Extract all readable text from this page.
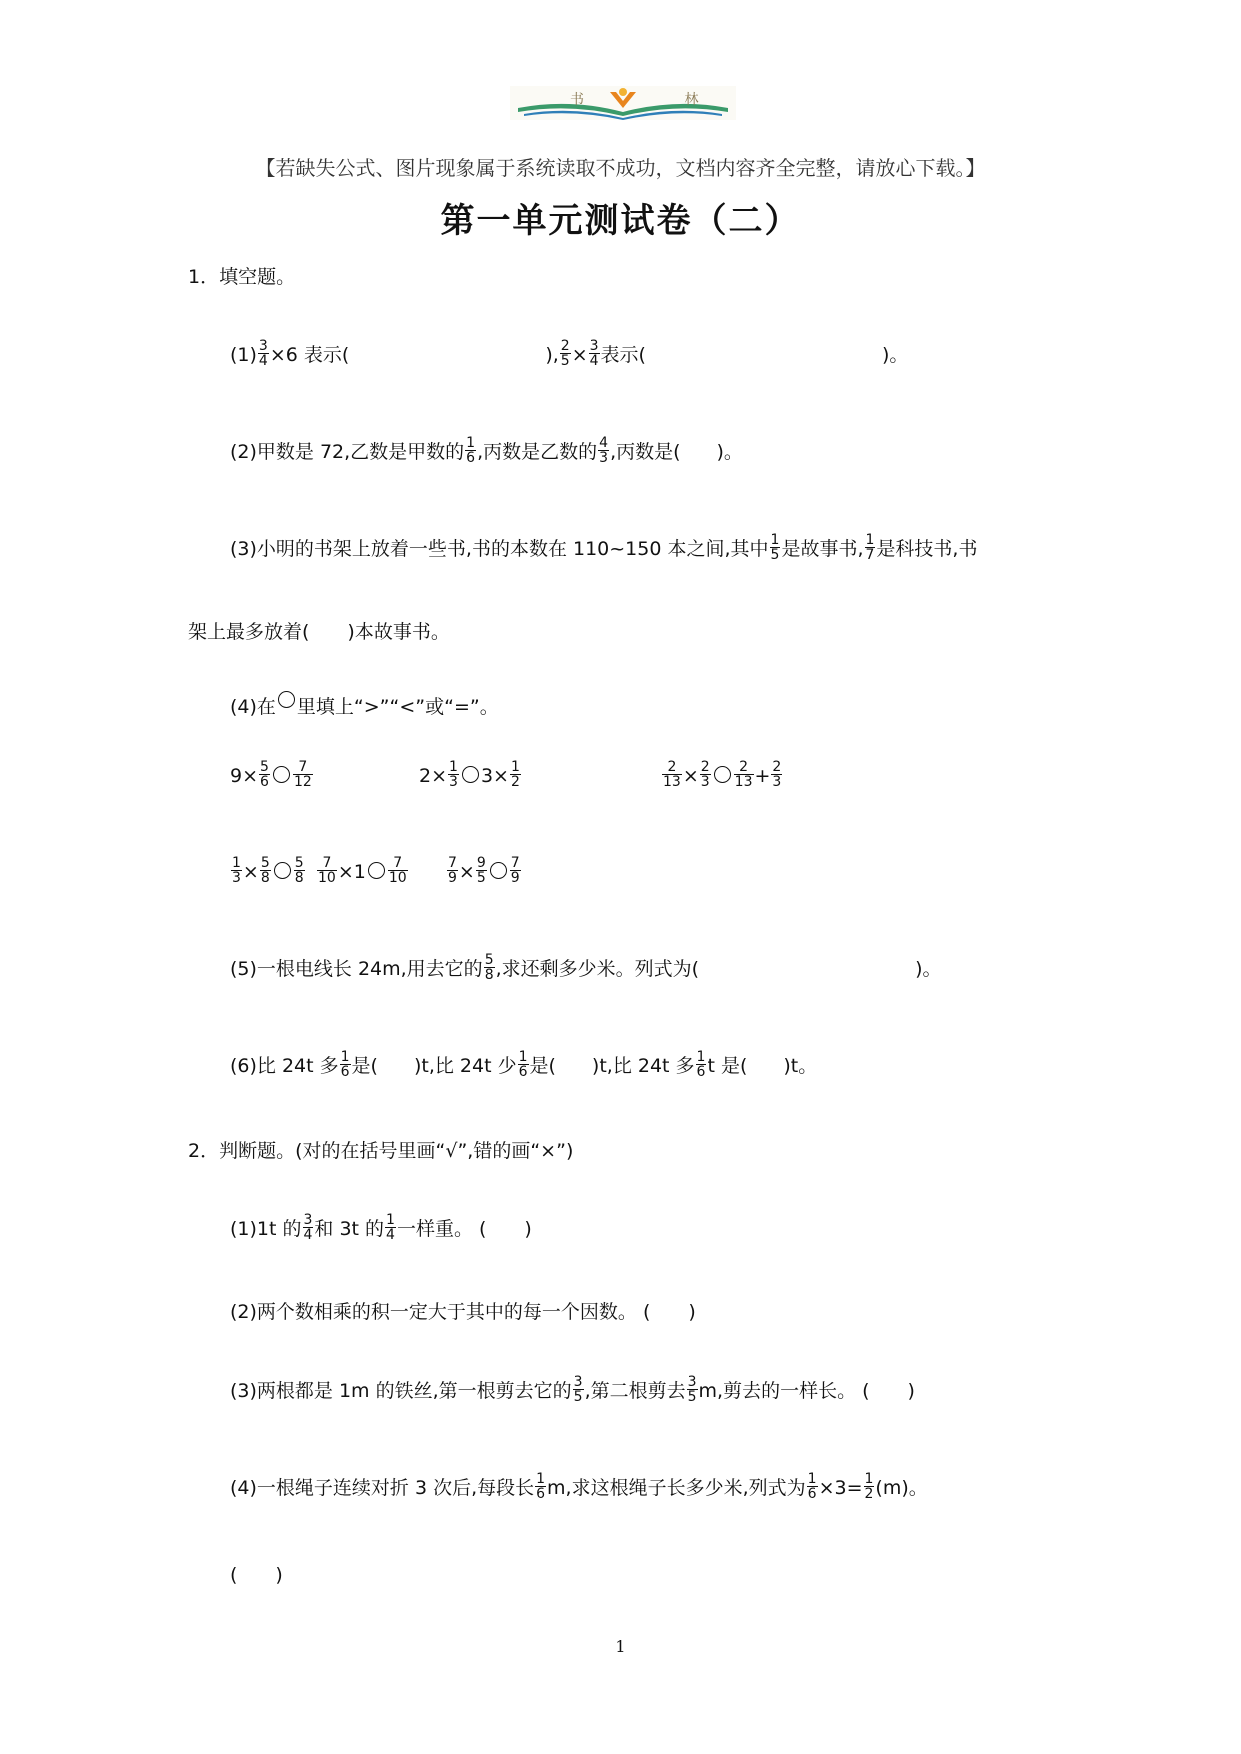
书 林
【若缺失公式、图片现象属于系统读取不成功，文档内容齐全完整，请放心下载。】
第一单元测试卷（二）
1．填空题。
$(1) \frac{3}{4} \times 6$ 表示(	), $\frac{2}{5} \times \frac{3}{4}$ 表示(	)。
(2)甲数是 72,乙数是甲数的 $\frac{1}{6}$ ,丙数是乙数的 $\frac{4}{3}$ ,丙数是( )。
(3)小明的书架上放着一些书,书的本数在 110~150 本之间,其中 $\frac{1}{5}$ 是故事书, $\frac{1}{7}$ 是科技书,书
架上最多放着(　　)本故事书。
(4)在 里填上“>”“<”或“=”。
$9\times \frac{5}{6} \frac{7}{12}$	$2\times \frac{1}{3} 3\times \frac{1}{2}$	$\frac{2}{13} \times \frac{2}{3} \frac{2}{13} + \frac{2}{3}$
$\frac{1}{3} \times \frac{5}{8} \frac{5}{8} \frac{7}{10} \times 1 \frac{7}{10}$	$\frac{7}{9} \times \frac{9}{5} \frac{7}{9}$
(5)一根电线长 24m,用去它的 $\frac{5}{8}$ ,求还剩多少米。列式为(	)。
(6)比 24t 多 $\frac{1}{6}$ 是( )t,比 24t 少 $\frac{1}{6}$ 是( )t,比 24t 多 $\frac{1}{6}$ t 是( )t。
2．判断题。(对的在括号里画“√”,错的画“×”)
(1)1t 的 $\frac{3}{4}$ 和 3t 的 $\frac{1}{4}$ 一样重。 (　　)
(2)两个数相乘的积一定大于其中的每一个因数。 (　　)
(3)两根都是 1m 的铁丝,第一根剪去它的 $\frac{3}{5}$ ,第二根剪去 $\frac{3}{5} m$,剪去的一样长。 (　　)
(4)一根绳子连续对折 3 次后,每段长 $\frac{1}{6} m$,求这根绳子长多少米,列式为 $\frac{1}{6} \times 3= \frac{1}{2} (m)$。
(　　)
1
